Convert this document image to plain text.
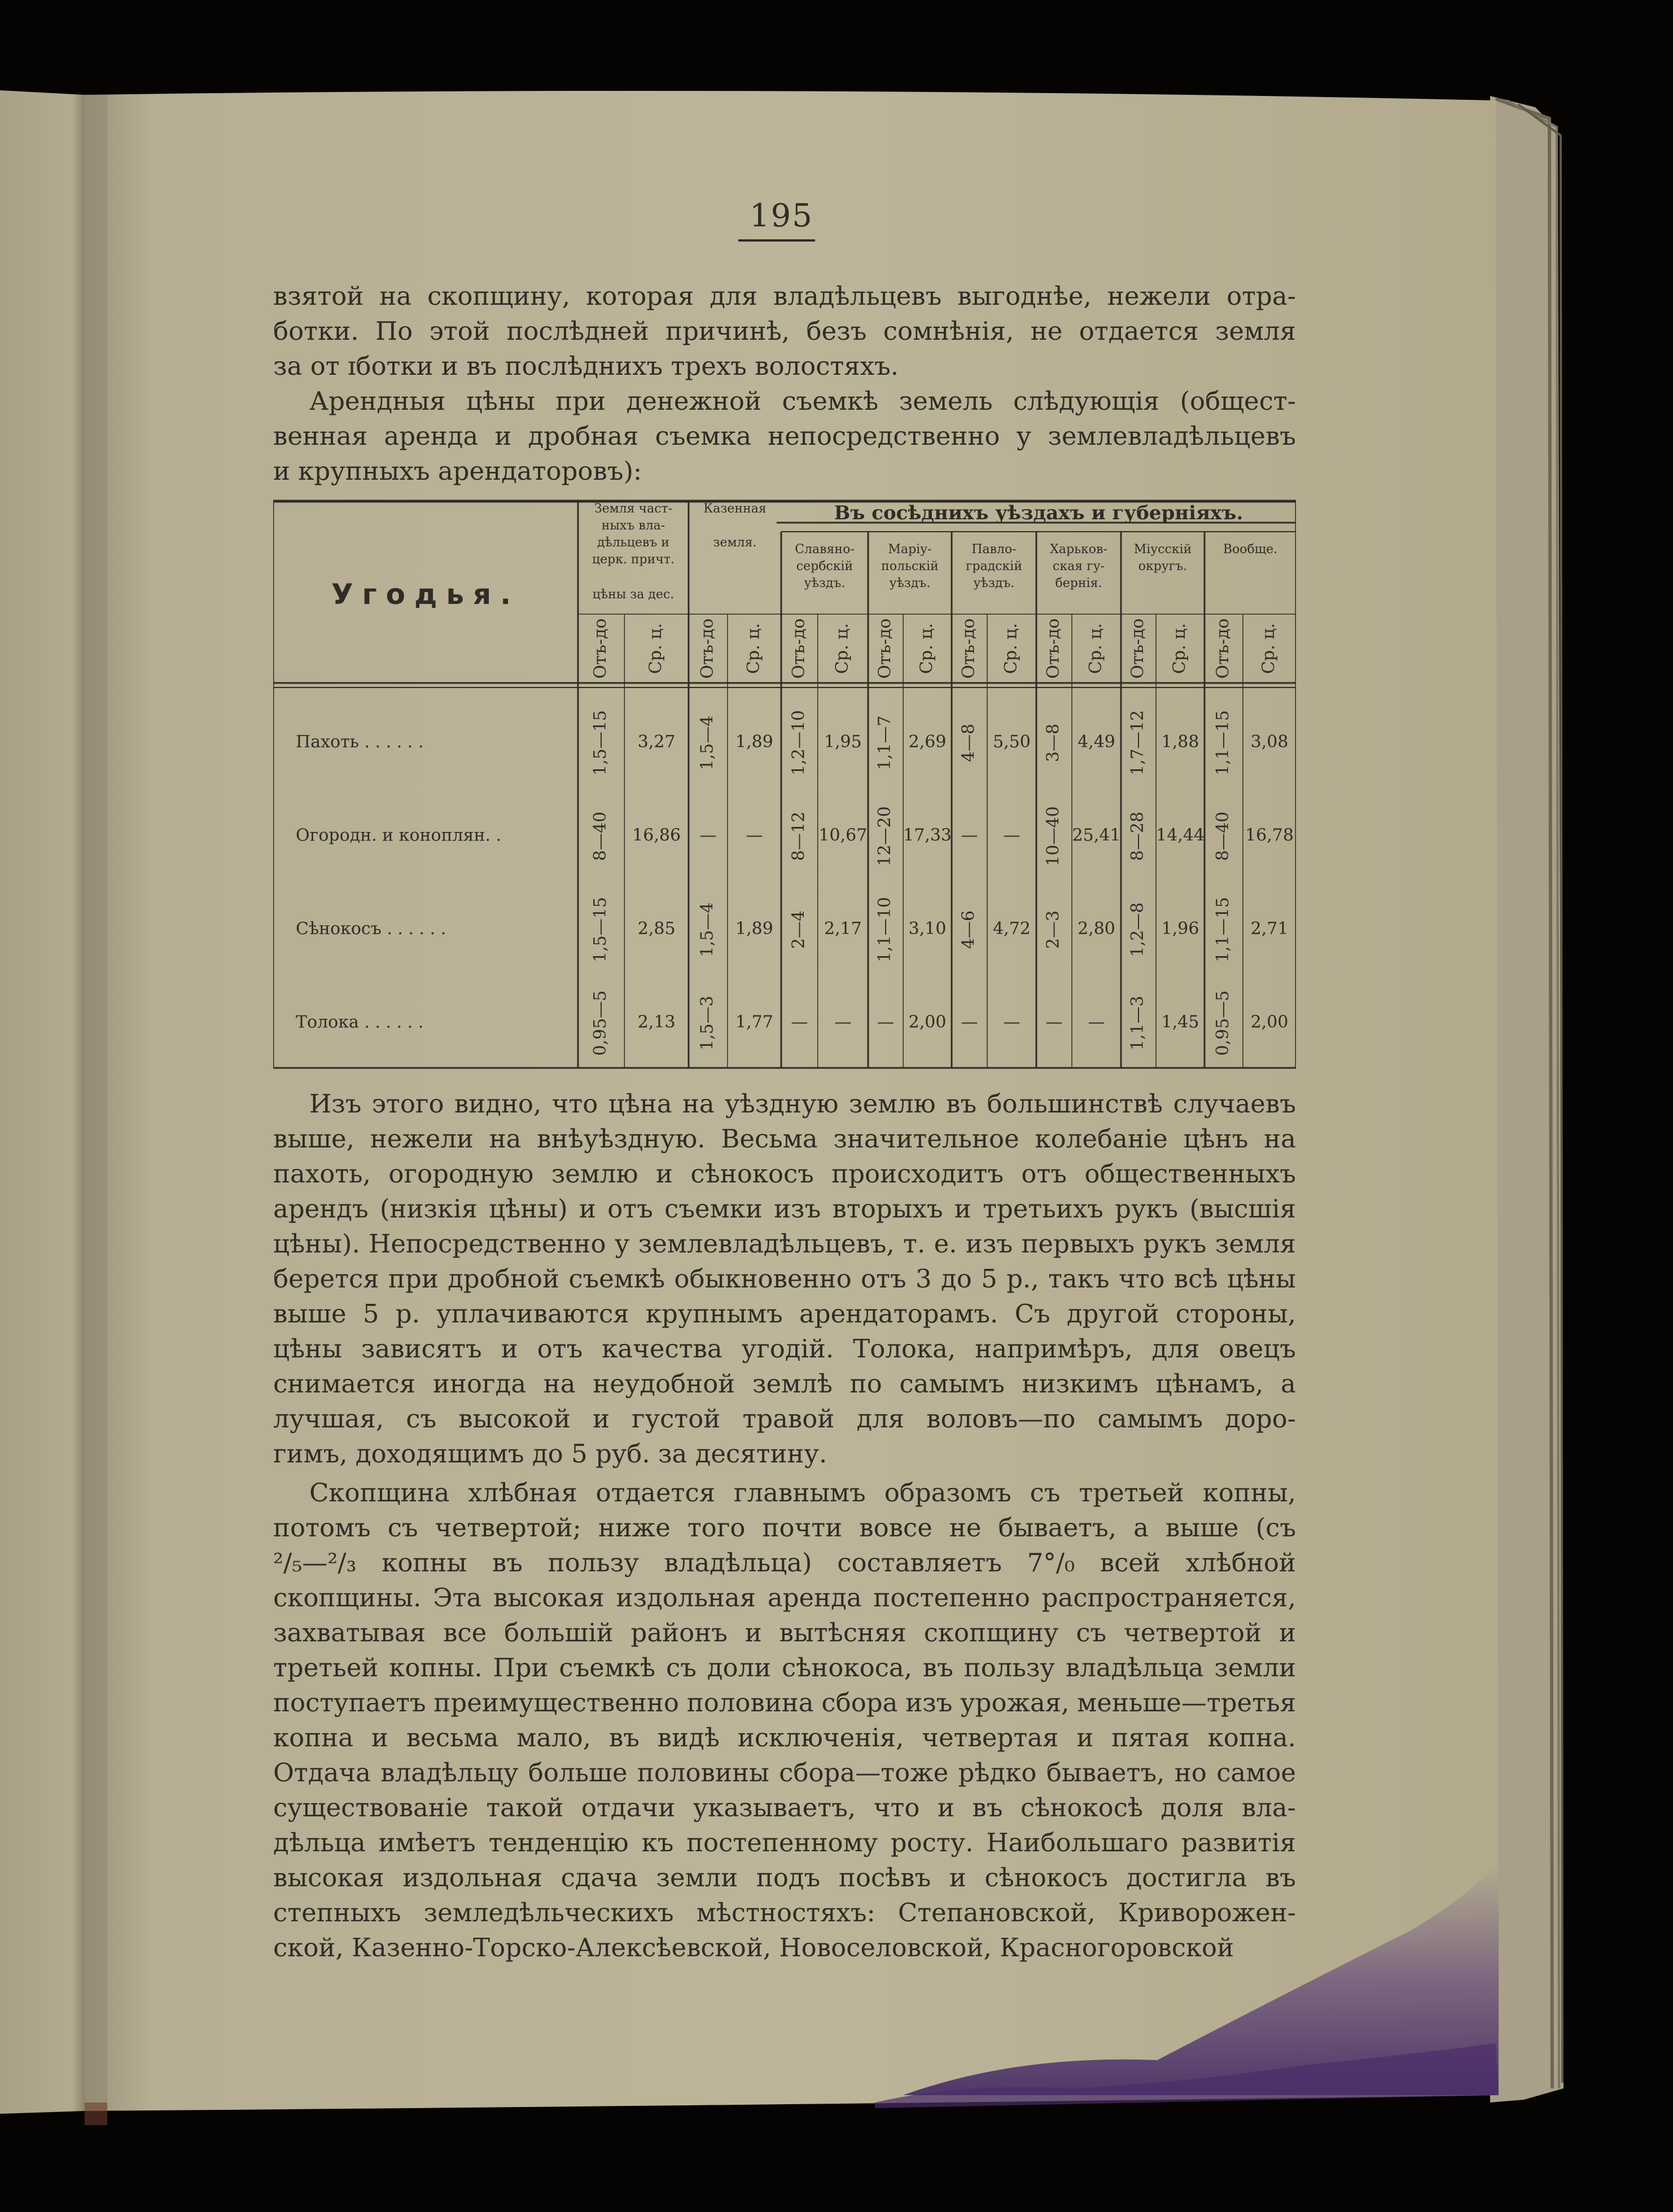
195
взятой на скопщину, которая для владѣльцевъ выгоднѣе, нежели отра-
ботки. По этой послѣдней причинѣ, безъ сомнѣнія, не отдается земля
за от ɪботки и въ послѣднихъ трехъ волостяхъ.
Арендныя цѣны при денежной съемкѣ земель слѣдующія (общест-
венная аренда и дробная съемка непосредственно у землевладѣльцевъ
и крупныхъ арендаторовъ):
Въ сосѣднихъ уѣздахъ и губерніяхъ.
Угодья.
Земля част-
ныхъ вла-
дѣльцевъ и
церк. причт.
цѣны за дес.
Отъ-до Ср. ц.
Казенная
земля.
Отъ-до Ср. ц.
Славяно-
сербскій
уѣздъ.
Отъ-до Ср. ц.
Маріу-
польскій
уѣздъ.
Отъ-до Ср. ц.
Павло-
градскій
уѣздъ.
Отъ-до Ср. ц.
Харьков-
ская гу-
бернія.
Отъ-до Ср. ц.
Міусскій
округъ.
Отъ-до Ср. ц.
Вообще.
Отъ-до Ср. ц.
Пахоть . . . . . .	1,5—15 3,27 1,5—4 1,89 1,2—10 1,95 1,1—7 2,69 4—8 5,50 3—8 4,49 1,7—12 1,88 1,1—15 3,08
Огородн. и коноплян. .	8—40 16,86 — — 8—12 10,67 12—20 17,33 — — 10—40 25,41 8—28 14,44 8—40 16,78
Сѣнокосъ . . . . . .	1,5—15 2,85 1,5—4 1,89 2—4 2,17 1,1—10 3,10 4—6 4,72 2—3 2,80 1,2—8 1,96 1,1—15 2,71
Толока . . . . . .	0,95—5 2,13 1,5—3 1,77 — — — 2,00 — — — — 1,1—3 1,45 0,95—5 2,00
Изъ этого видно, что цѣна на уѣздную землю въ большинствѣ случаевъ
выше, нежели на внѣуѣздную. Весьма значительное колебаніе цѣнъ на
пахоть, огородную землю и сѣнокосъ происходитъ отъ общественныхъ
арендъ (низкія цѣны) и отъ съемки изъ вторыхъ и третьихъ рукъ (высшія
цѣны). Непосредственно у землевладѣльцевъ, т. е. изъ первыхъ рукъ земля
берется при дробной съемкѣ обыкновенно отъ 3 до 5 р., такъ что всѣ цѣны
выше 5 р. уплачиваются крупнымъ арендаторамъ. Съ другой стороны,
цѣны зависятъ и отъ качества угодій. Толока, напримѣръ, для овецъ
снимается иногда на неудобной землѣ по самымъ низкимъ цѣнамъ, а
лучшая, съ высокой и густой травой для воловъ—по самымъ доро-
гимъ, доходящимъ до 5 руб. за десятину.
Скопщина хлѣбная отдается главнымъ образомъ съ третьей копны,
потомъ съ четвертой; ниже того почти вовсе не бываетъ, а выше (съ
²/₅—²/₃ копны въ пользу владѣльца) составляетъ 7°/₀ всей хлѣбной
скопщины. Эта высокая издольная аренда постепенно распространяется,
захватывая все большій районъ и вытѣсняя скопщину съ четвертой и
третьей копны. При съемкѣ съ доли сѣнокоса, въ пользу владѣльца земли
поступаетъ преимущественно половина сбора изъ урожая, меньше—третья
копна и весьма мало, въ видѣ исключенія, четвертая и пятая копна.
Отдача владѣльцу больше половины сбора—тоже рѣдко бываетъ, но самое
существованіе такой отдачи указываетъ, что и въ сѣнокосѣ доля вла-
дѣльца имѣетъ тенденцію къ постепенному росту. Наибольшаго развитія
высокая издольная сдача земли подъ посѣвъ и сѣнокосъ достигла въ
степныхъ земледѣльческихъ мѣстностяхъ: Степановской, Криворожен-
ской, Казенно-Торско-Алексѣевской, Новоселовской, Красногоровской
